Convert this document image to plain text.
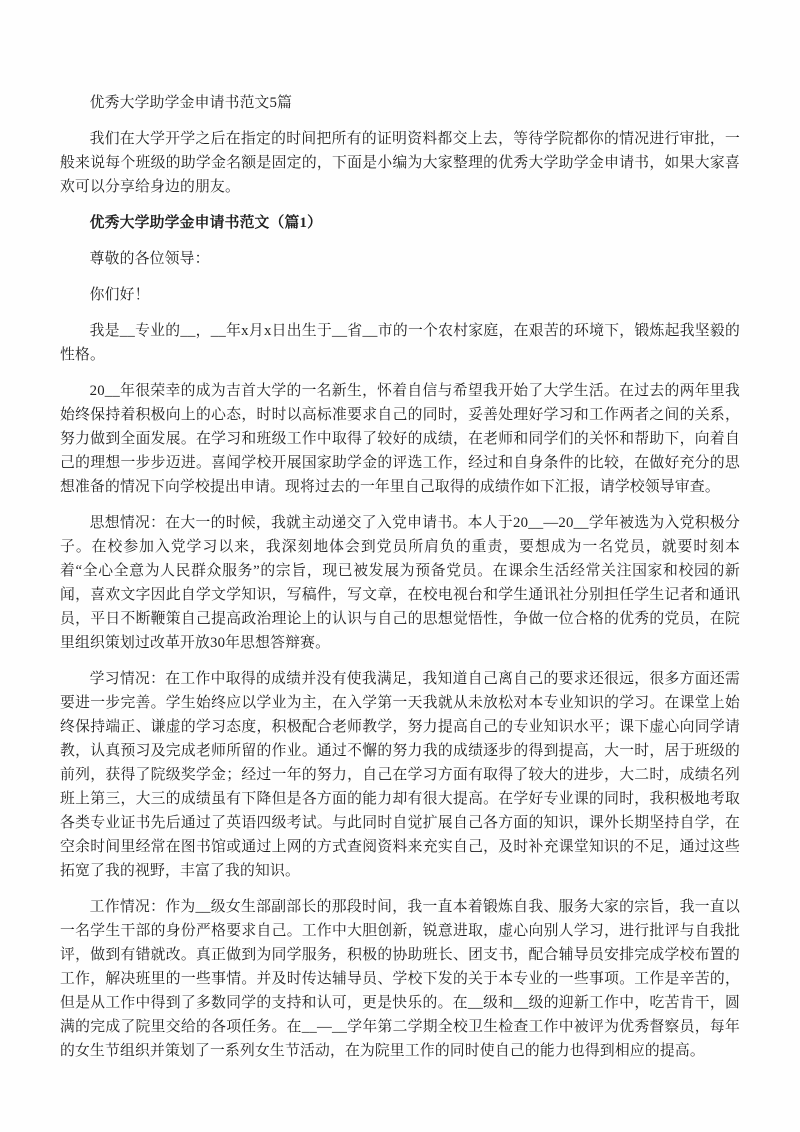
优秀大学助学金申请书范文5篇

我们在大学开学之后在指定的时间把所有的证明资料都交上去，等待学院都你的情况进行审批，一般来说每个班级的助学金名额是固定的，下面是小编为大家整理的优秀大学助学金申请书，如果大家喜欢可以分享给身边的朋友。

优秀大学助学金申请书范文（篇1）

尊敬的各位领导：

你们好！

我是__专业的__，__年x月x日出生于__省__市的一个农村家庭，在艰苦的环境下，锻炼起我坚毅的性格。

20__年很荣幸的成为吉首大学的一名新生，怀着自信与希望我开始了大学生活。在过去的两年里我始终保持着积极向上的心态，时时以高标准要求自己的同时，妥善处理好学习和工作两者之间的关系，努力做到全面发展。在学习和班级工作中取得了较好的成绩，在老师和同学们的关怀和帮助下，向着自己的理想一步步迈进。喜闻学校开展国家助学金的评选工作，经过和自身条件的比较，在做好充分的思想准备的情况下向学校提出申请。现将过去的一年里自己取得的成绩作如下汇报，请学校领导审查。

思想情况：在大一的时候，我就主动递交了入党申请书。本人于20__—20__学年被选为入党积极分子。在校参加入党学习以来，我深刻地体会到党员所肩负的重责，要想成为一名党员，就要时刻本着“全心全意为人民群众服务”的宗旨，现已被发展为预备党员。在课余生活经常关注国家和校园的新闻，喜欢文字因此自学文学知识，写稿件，写文章，在校电视台和学生通讯社分别担任学生记者和通讯员，平日不断鞭策自己提高政治理论上的认识与自己的思想觉悟性，争做一位合格的优秀的党员，在院里组织策划过改革开放30年思想答辩赛。

学习情况：在工作中取得的成绩并没有使我满足，我知道自己离自己的要求还很远，很多方面还需要进一步完善。学生始终应以学业为主，在入学第一天我就从未放松对本专业知识的学习。在课堂上始终保持端正、谦虚的学习态度，积极配合老师教学，努力提高自己的专业知识水平；课下虚心向同学请教，认真预习及完成老师所留的作业。通过不懈的努力我的成绩逐步的得到提高，大一时，居于班级的前列，获得了院级奖学金；经过一年的努力，自己在学习方面有取得了较大的进步，大二时，成绩名列班上第三，大三的成绩虽有下降但是各方面的能力却有很大提高。在学好专业课的同时，我积极地考取各类专业证书先后通过了英语四级考试。与此同时自觉扩展自己各方面的知识，课外长期坚持自学，在空余时间里经常在图书馆或通过上网的方式查阅资料来充实自己，及时补充课堂知识的不足，通过这些拓宽了我的视野，丰富了我的知识。

工作情况：作为__级女生部副部长的那段时间，我一直本着锻炼自我、服务大家的宗旨，我一直以一名学生干部的身份严格要求自己。工作中大胆创新，锐意进取，虚心向别人学习，进行批评与自我批评，做到有错就改。真正做到为同学服务，积极的协助班长、团支书，配合辅导员安排完成学校布置的工作，解决班里的一些事情。并及时传达辅导员、学校下发的关于本专业的一些事项。工作是辛苦的，但是从工作中得到了多数同学的支持和认可，更是快乐的。在__级和__级的迎新工作中，吃苦肯干，圆满的完成了院里交给的各项任务。在__—__学年第二学期全校卫生检查工作中被评为优秀督察员，每年的女生节组织并策划了一系列女生节活动，在为院里工作的同时使自己的能力也得到相应的提高。
